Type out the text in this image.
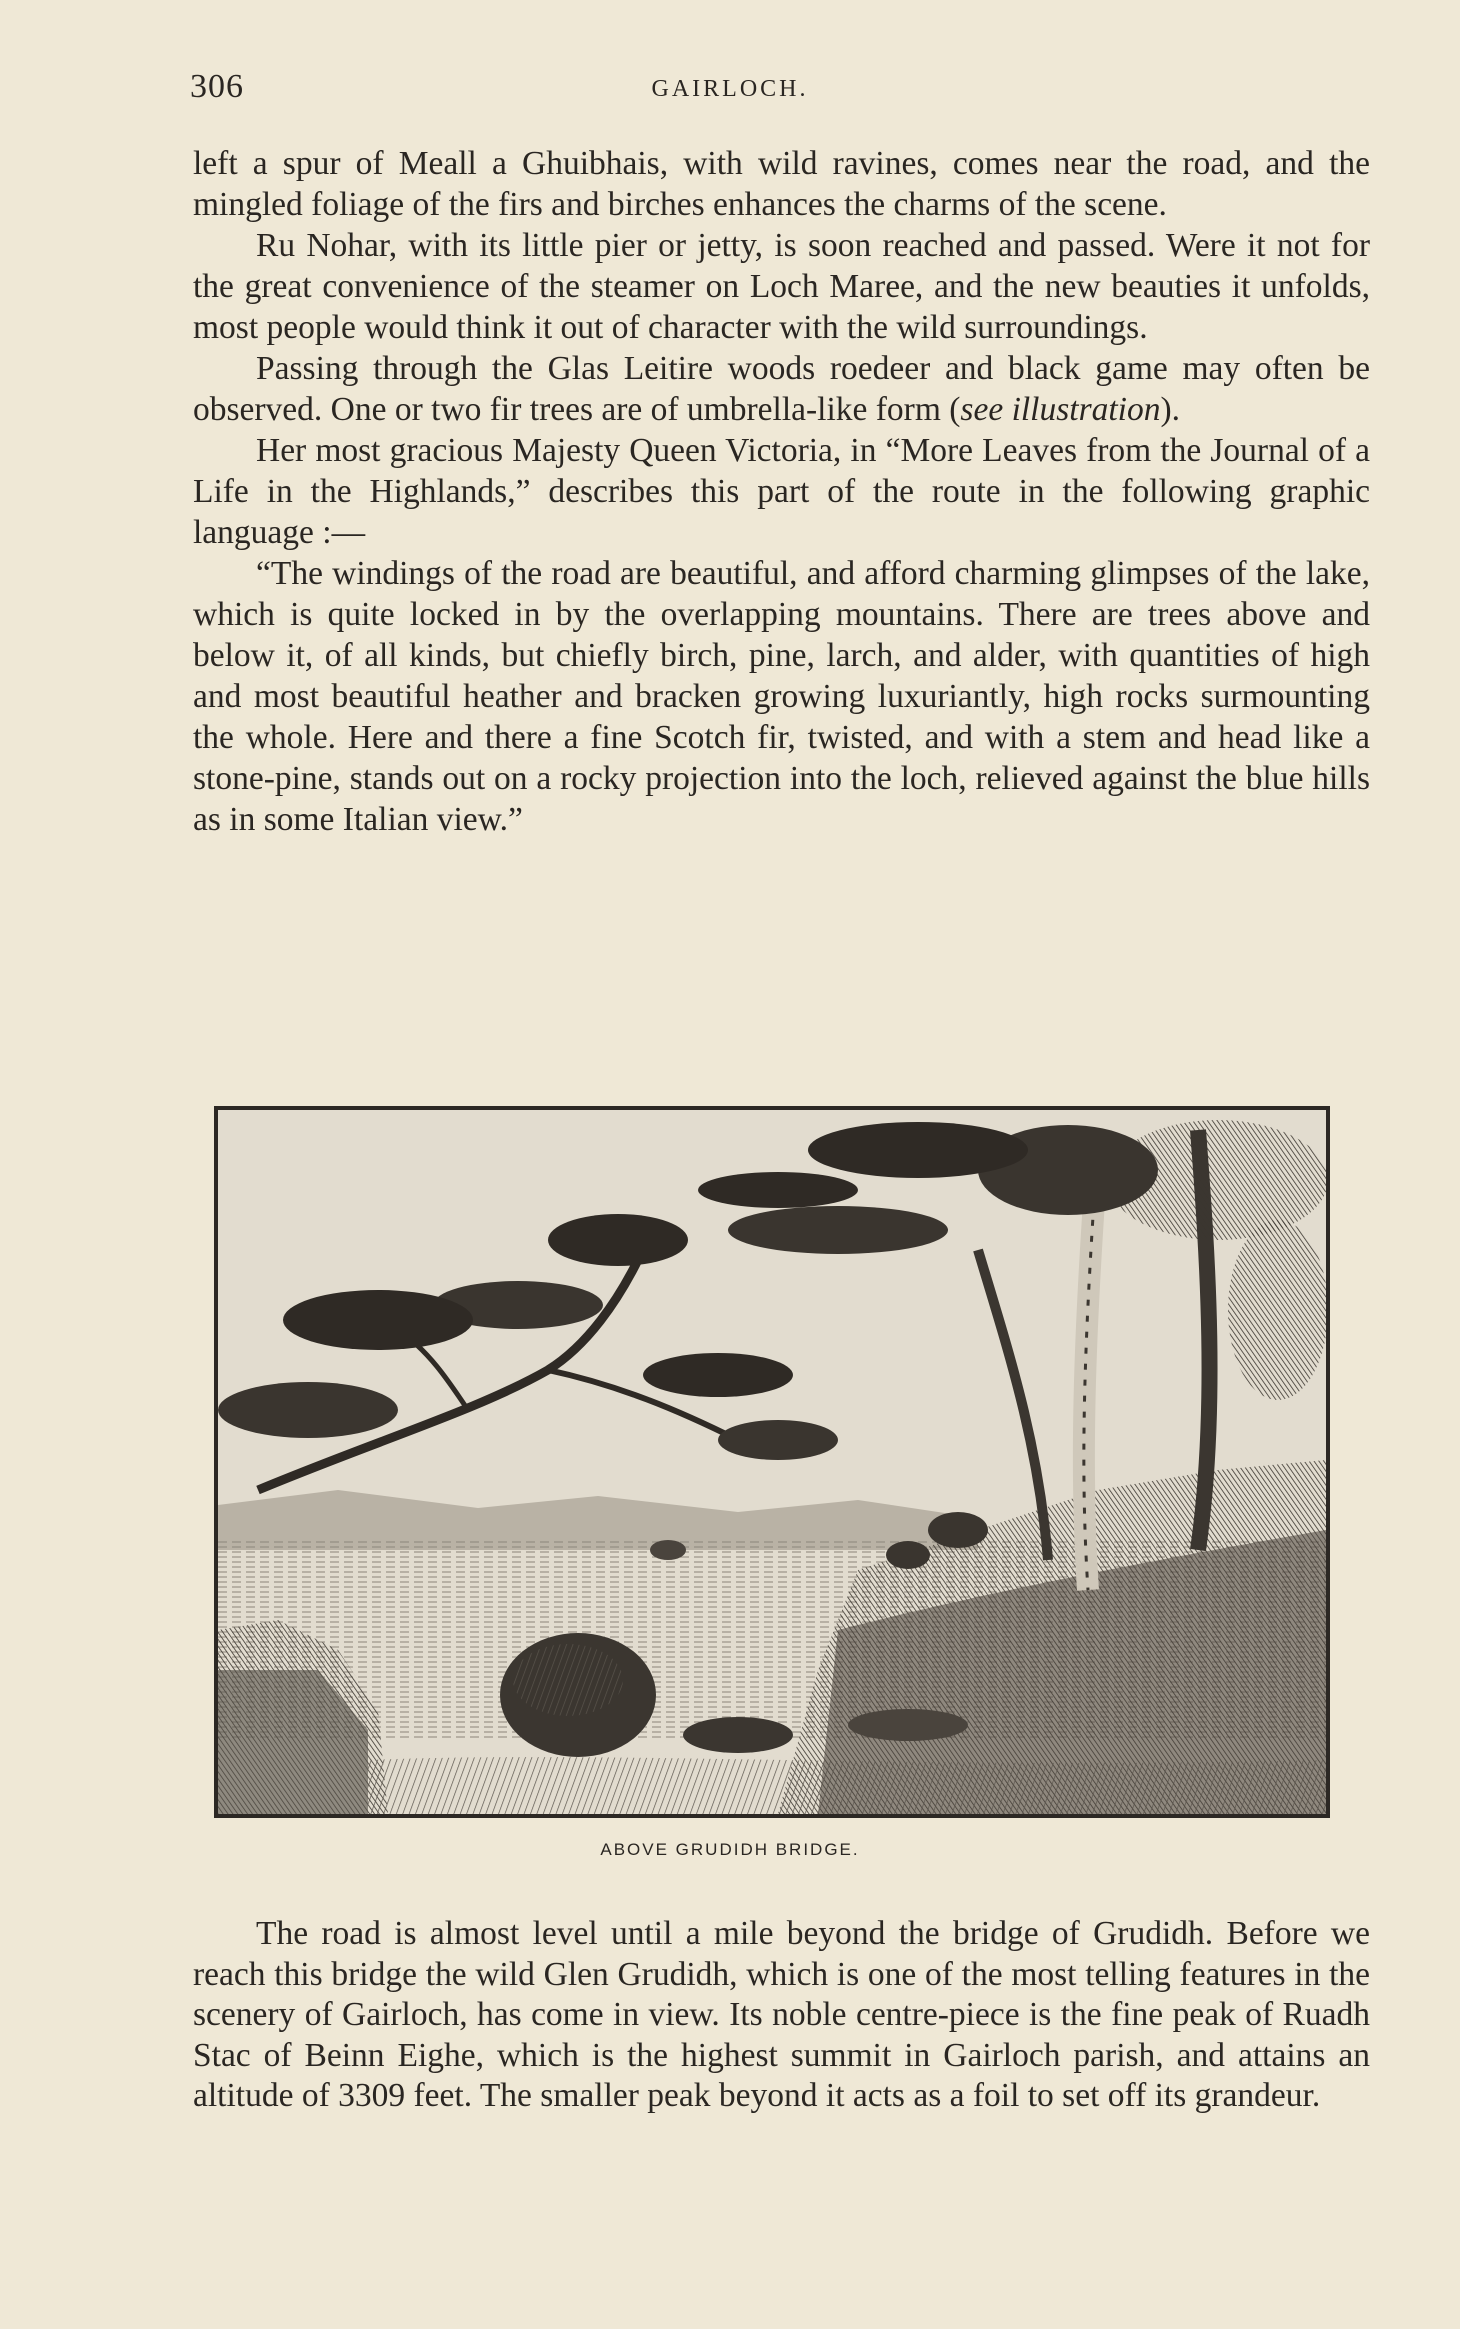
306	GAIRLOCH.

left a spur of Meall a Ghuibhais, with wild ravines, comes near the road, and the mingled foliage of the firs and birches enhances the charms of the scene.

Ru Nohar, with its little pier or jetty, is soon reached and passed. Were it not for the great convenience of the steamer on Loch Maree, and the new beauties it unfolds, most people would think it out of character with the wild surroundings.

Passing through the Glas Leitire woods roedeer and black game may often be observed. One or two fir trees are of umbrella-like form (see illustration).

Her most gracious Majesty Queen Victoria, in “More Leaves from the Journal of a Life in the Highlands,” describes this part of the route in the following graphic language :—

“The windings of the road are beautiful, and afford charming glimpses of the lake, which is quite locked in by the overlapping mountains. There are trees above and below it, of all kinds, but chiefly birch, pine, larch, and alder, with quantities of high and most beautiful heather and bracken growing luxuriantly, high rocks surmounting the whole. Here and there a fine Scotch fir, twisted, and with a stem and head like a stone-pine, stands out on a rocky projection into the loch, relieved against the blue hills as in some Italian view.”

ABOVE GRUDIDH BRIDGE.

The road is almost level until a mile beyond the bridge of Grudidh. Before we reach this bridge the wild Glen Grudidh, which is one of the most telling features in the scenery of Gairloch, has come in view. Its noble centre-piece is the fine peak of Ruadh Stac of Beinn Eighe, which is the highest summit in Gairloch parish, and attains an altitude of 3309 feet. The smaller peak beyond it acts as a foil to set off its grandeur.
